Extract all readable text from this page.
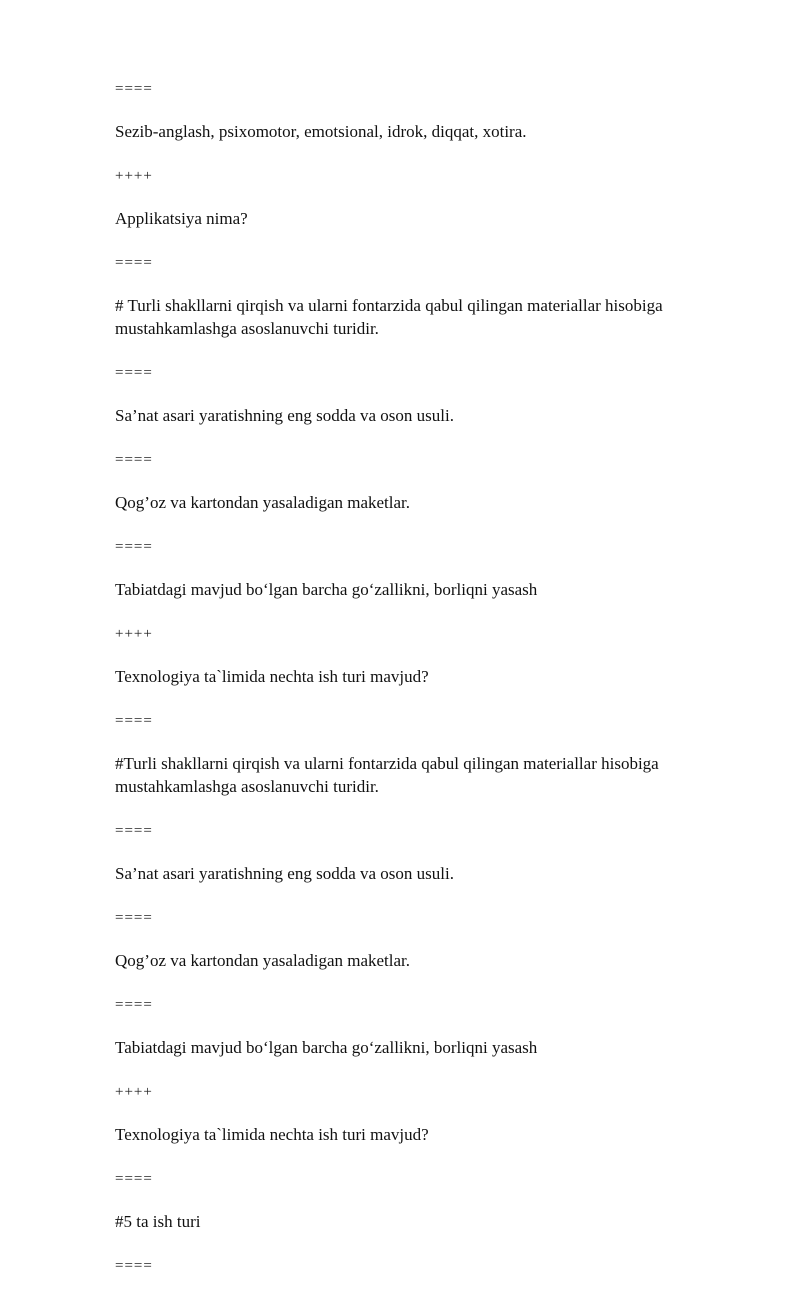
====

Sezib-anglash, psixomotor, emotsional, idrok, diqqat, xotira.

++++

Applikatsiya nima?

====

# Turli shakllarni qirqish va ularni fontarzida qabul qilingan materiallar hisobiga mustahkamlashga asoslanuvchi turidir.

====

Sa’nat asari yaratishning eng sodda va oson usuli.

====

Qog’oz va kartondan yasaladigan maketlar.

====

Tabiatdagi mavjud bo‘lgan barcha go‘zallikni, borliqni yasash

++++

Texnologiya ta`limida nechta ish turi mavjud?

====

#Turli shakllarni qirqish va ularni fontarzida qabul qilingan materiallar hisobiga mustahkamlashga asoslanuvchi turidir.

====

Sa’nat asari yaratishning eng sodda va oson usuli.

====

Qog’oz va kartondan yasaladigan maketlar.

====

Tabiatdagi mavjud bo‘lgan barcha go‘zallikni, borliqni yasash

++++

Texnologiya ta`limida nechta ish turi mavjud?

====

#5 ta ish turi

====
